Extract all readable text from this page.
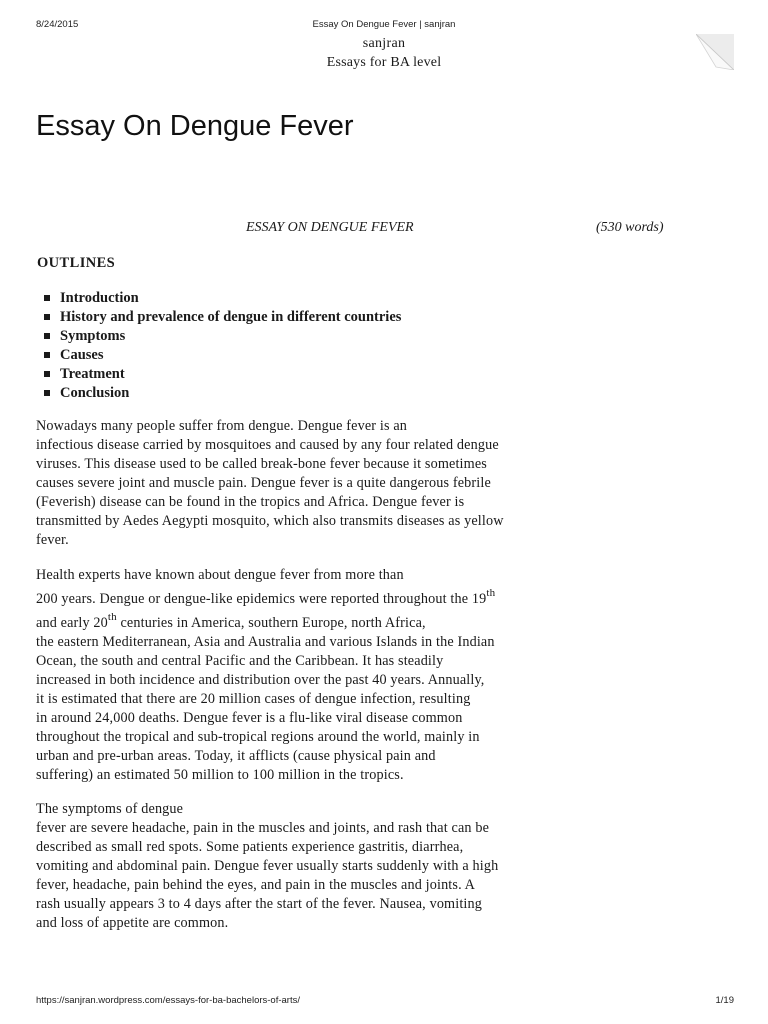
8/24/2015	Essay On Dengue Fever | sanjran
sanjran
Essays for BA level
Essay On Dengue Fever
ESSAY ON DENGUE FEVER	(530 words)
OUTLINES
Introduction
History and prevalence of dengue in different countries
Symptoms
Causes
Treatment
Conclusion
Nowadays many people suffer from dengue. Dengue fever is an
infectious disease carried by mosquitoes and caused by any four related dengue
viruses. This disease used to be called break-bone fever because it sometimes
causes severe joint and muscle pain. Dengue fever is a quite dangerous febrile
(Feverish) disease can be found in the tropics and Africa. Dengue fever is
transmitted by Aedes Aegypti mosquito, which also transmits diseases as yellow
fever.
Health experts have known about dengue fever from more than
200 years. Dengue or dengue-like epidemics were reported throughout the 19th
and early 20th centuries in America, southern Europe, north Africa,
the eastern Mediterranean, Asia and Australia and various Islands in the Indian
Ocean, the south and central Pacific and the Caribbean. It has steadily
increased in both incidence and distribution over the past 40 years. Annually,
it is estimated that there are 20 million cases of dengue infection, resulting
in around 24,000 deaths. Dengue fever is a flu-like viral disease common
throughout the tropical and sub-tropical regions around the world, mainly in
urban and pre-urban areas. Today, it afflicts (cause physical pain and
suffering) an estimated 50 million to 100 million in the tropics.
The symptoms of dengue
fever are severe headache, pain in the muscles and joints, and rash that can be
described as small red spots. Some patients experience gastritis, diarrhea,
vomiting and abdominal pain. Dengue fever usually starts suddenly with a high
fever, headache, pain behind the eyes, and pain in the muscles and joints. A
rash usually appears 3 to 4 days after the start of the fever. Nausea, vomiting
and loss of appetite are common.
https://sanjran.wordpress.com/essays-for-ba-bachelors-of-arts/	1/19
